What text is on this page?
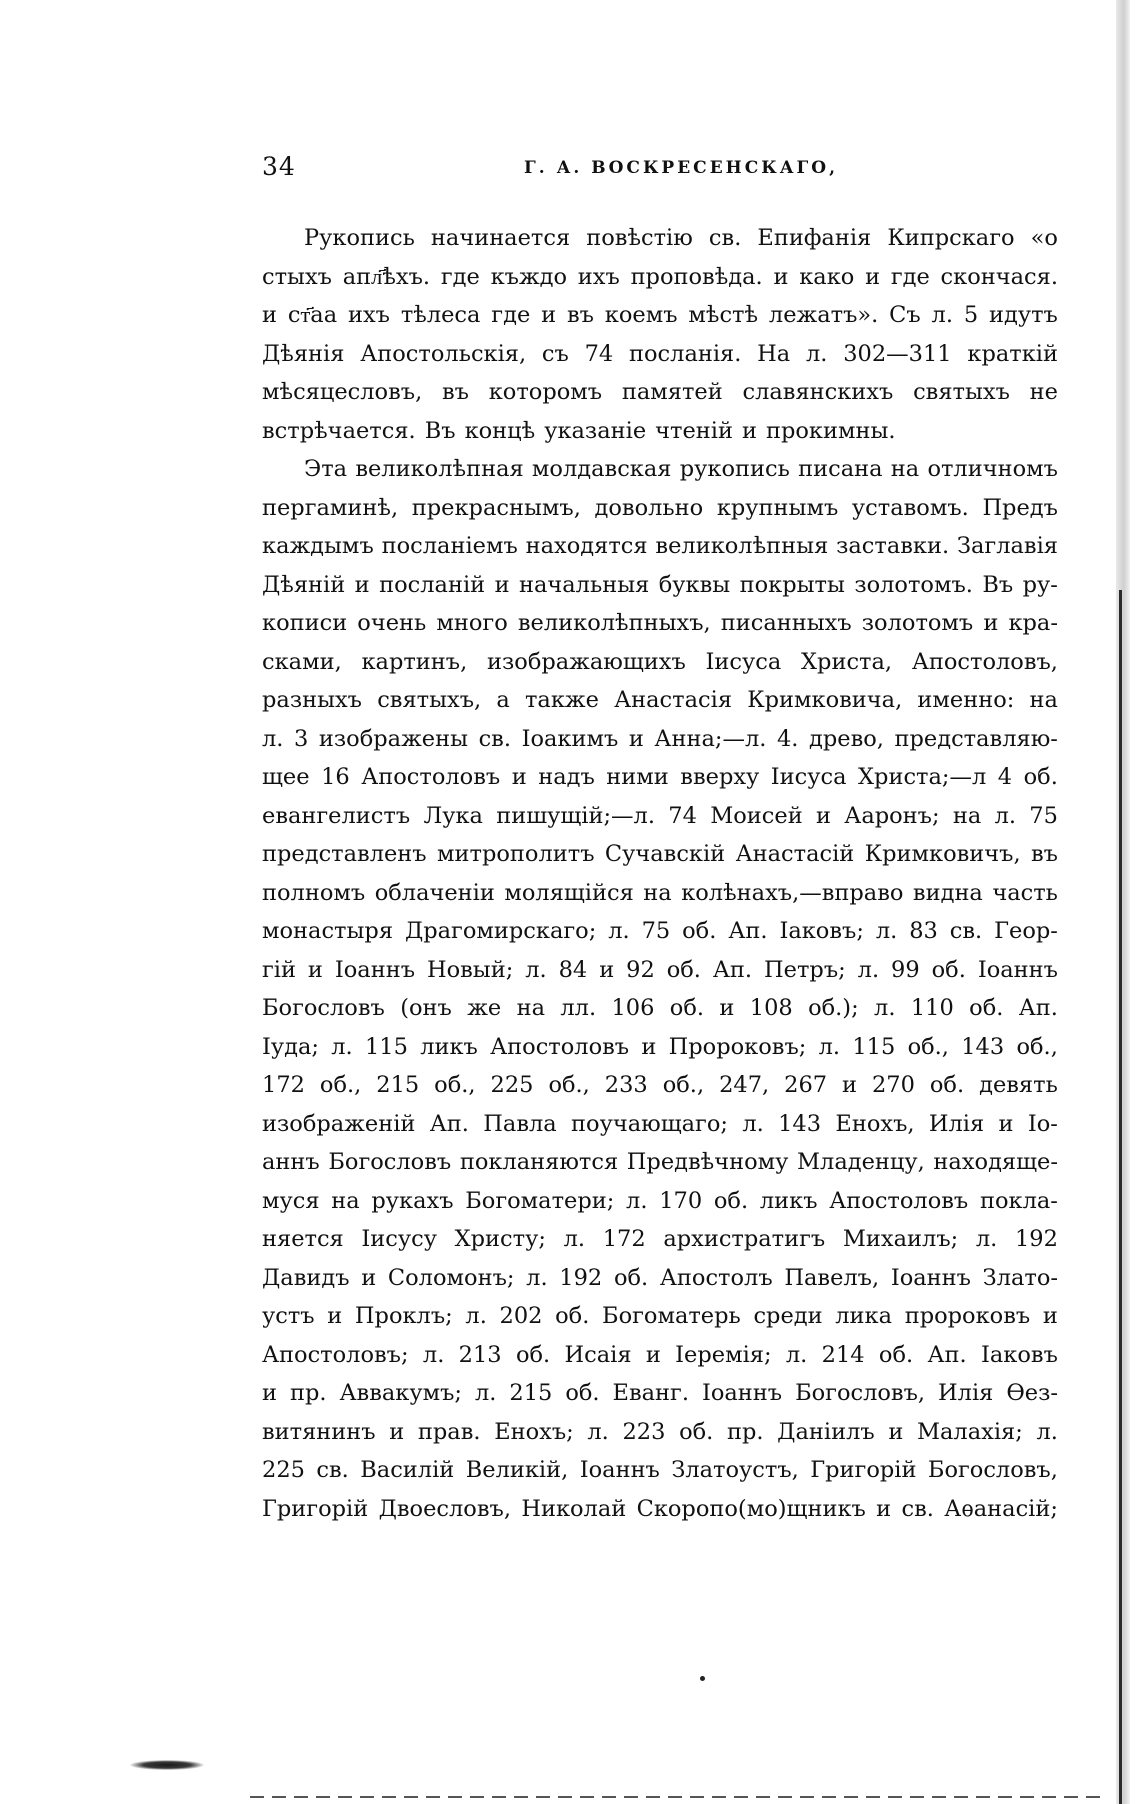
34	Г. А. ВОСКРЕСЕНСКАГО,
Рукопись начинается повѣстію св. Епифанія Кипрскаго «о
стыхъ апл҃ѣхъ. где къждо ихъ проповѣда. и како и где скончася.
и ст҃аа ихъ тѣлеса где и въ коемъ мѣстѣ лежатъ». Съ л. 5 идутъ
Дѣянія Апостольскія, съ 74 посланія. На л. 302—311 краткій
мѣсяцесловъ, въ которомъ памятей славянскихъ святыхъ не
встрѣчается. Въ концѣ указаніе чтеній и прокимны.
Эта великолѣпная молдавская рукопись писана на отличномъ
пергаминѣ, прекраснымъ, довольно крупнымъ уставомъ. Предъ
каждымъ посланіемъ находятся великолѣпныя заставки. Заглавія
Дѣяній и посланій и начальныя буквы покрыты золотомъ. Въ ру-
кописи очень много великолѣпныхъ, писанныхъ золотомъ и кра-
сками, картинъ, изображающихъ Іисуса Христа, Апостоловъ,
разныхъ святыхъ, а также Анастасія Кримковича, именно: на
л. 3 изображены св. Іоакимъ и Анна;—л. 4. древо, представляю-
щее 16 Апостоловъ и надъ ними вверху Іисуса Христа;—л 4 об.
евангелистъ Лука пишущій;—л. 74 Моисей и Ааронъ; на л. 75
представленъ митрополитъ Сучавскій Анастасій Кримковичъ, въ
полномъ облаченіи молящійся на колѣнахъ,—вправо видна часть
монастыря Драгомирскаго; л. 75 об. Ап. Іаковъ; л. 83 св. Геор-
гій и Іоаннъ Новый; л. 84 и 92 об. Ап. Петръ; л. 99 об. Іоаннъ
Богословъ (онъ же на лл. 106 об. и 108 об.); л. 110 об. Ап.
Іуда; л. 115 ликъ Апостоловъ и Пророковъ; л. 115 об., 143 об.,
172 об., 215 об., 225 об., 233 об., 247, 267 и 270 об. девять
изображеній Ап. Павла поучающаго; л. 143 Енохъ, Илія и Іо-
аннъ Богословъ покланяются Предвѣчному Младенцу, находяще-
муся на рукахъ Богоматери; л. 170 об. ликъ Апостоловъ покла-
няется Іисусу Христу; л. 172 архистратигъ Михаилъ; л. 192
Давидъ и Соломонъ; л. 192 об. Апостолъ Павелъ, Іоаннъ Злато-
устъ и Проклъ; л. 202 об. Богоматерь среди лика пророковъ и
Апостоловъ; л. 213 об. Исаія и Іеремія; л. 214 об. Ап. Іаковъ
и пр. Аввакумъ; л. 215 об. Еванг. Іоаннъ Богословъ, Илія Ѳез-
витянинъ и прав. Енохъ; л. 223 об. пр. Даніилъ и Малахія; л.
225 св. Василій Великій, Іоаннъ Златоустъ, Григорій Богословъ,
Григорій Двоесловъ, Николай Скоропо(мо)щникъ и св. Аѳанасій;
